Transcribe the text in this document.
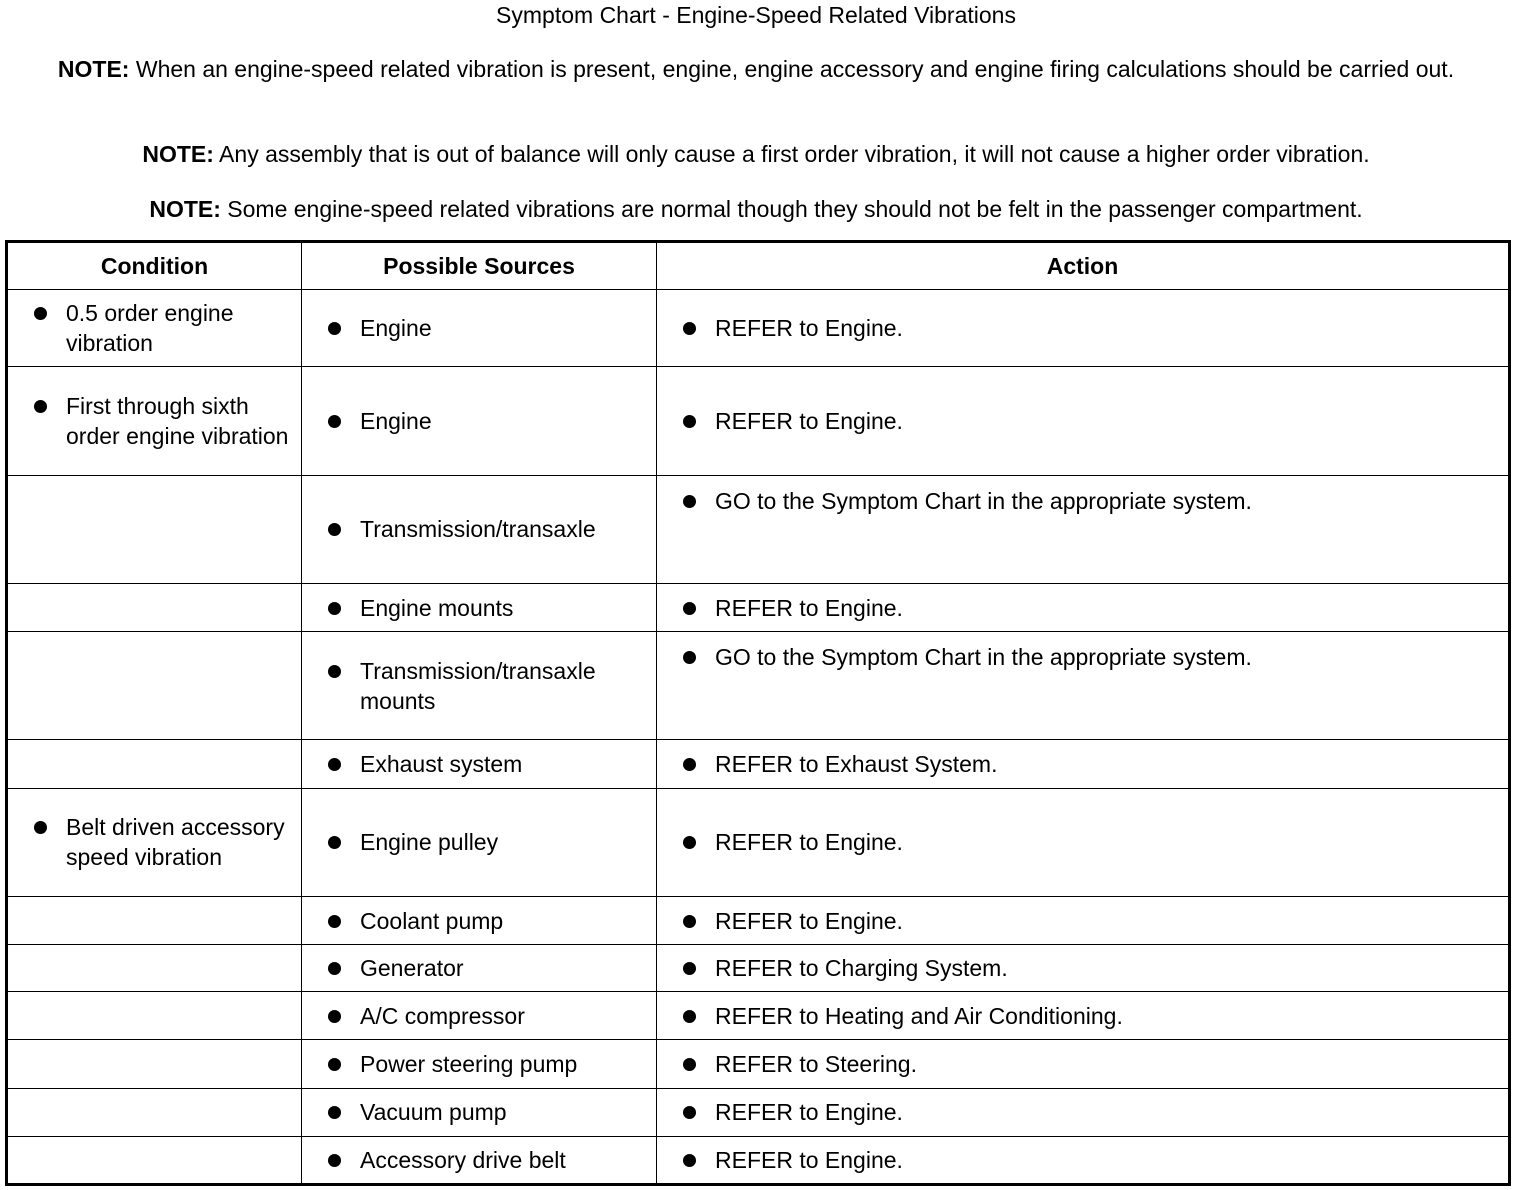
Symptom Chart - Engine-Speed Related Vibrations
NOTE: When an engine-speed related vibration is present, engine, engine accessory and engine firing calculations should be carried out.
NOTE: Any assembly that is out of balance will only cause a first order vibration, it will not cause a higher order vibration.
NOTE: Some engine-speed related vibrations are normal though they should not be felt in the passenger compartment.
Condition	Possible Sources	Action

0.5 order engine vibration	Engine	REFER to Engine.

First through sixth order engine vibration	Engine	REFER to Engine.

	Transmission/transaxle	GO to the Symptom Chart in the appropriate system.

	Engine mounts	REFER to Engine.

	Transmission/transaxle mounts	GO to the Symptom Chart in the appropriate system.

	Exhaust system	REFER to Exhaust System.

Belt driven accessory speed vibration	Engine pulley	REFER to Engine.

	Coolant pump	REFER to Engine.

	Generator	REFER to Charging System.

	A/C compressor	REFER to Heating and Air Conditioning.

	Power steering pump	REFER to Steering.

	Vacuum pump	REFER to Engine.

	Accessory drive belt	REFER to Engine.
